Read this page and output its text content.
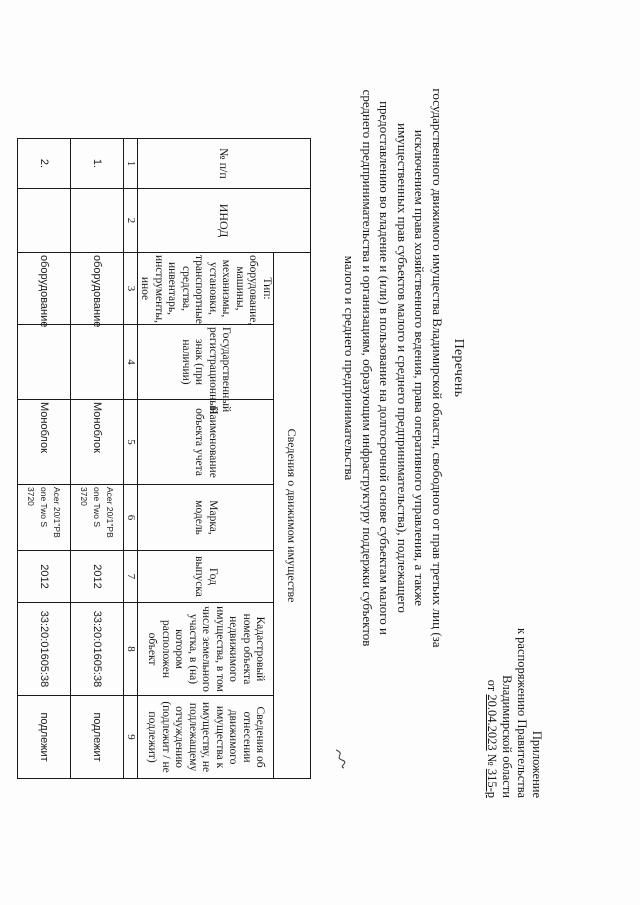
Приложение
к распоряжению Правительства
Владимирской области
от 20.04.2023 № 315-р
Перечень
государственного движимого имущества Владимирской области, свободного от прав третьих лиц (за исключением права хозяйственного ведения, права оперативного управления, а также имущественных прав субъектов малого и среднего предпринимательства), подлежащего предоставлению во владение и (или) в пользование на долгосрочной основе субъектам малого и среднего предпринимательства и организациям, образующим инфраструктуру поддержки субъектов малого и среднего предпринимательства
№ п/п	ИНОД	Сведения о движимом имуществе						
		Тип: оборудование, машины, механизмы, установки, транспортные средства, инвентарь, инструменты, иное	Государственный регистрационный знак (при наличии)	Наименование объекта учета	Марка, модель	Год выпуска	Кадастровый номер объекта недвижимого имущества, в том числе земельного участка, в (на) котором расположен объект	Сведения об отнесении движимого имущества к имуществу, не подлежащему отчуждению (подлежит / не подлежит)
1	2	3	4	5	6	7	8	9
1.		оборудование		Моноблок	Acer 20/1"PB one Two S 3720	2012	33:20:01605:38	подлежит
2.		оборудование		Моноблок	Acer 20/1"PB one Two S 3720	2012	33:20:01605:38	подлежит
